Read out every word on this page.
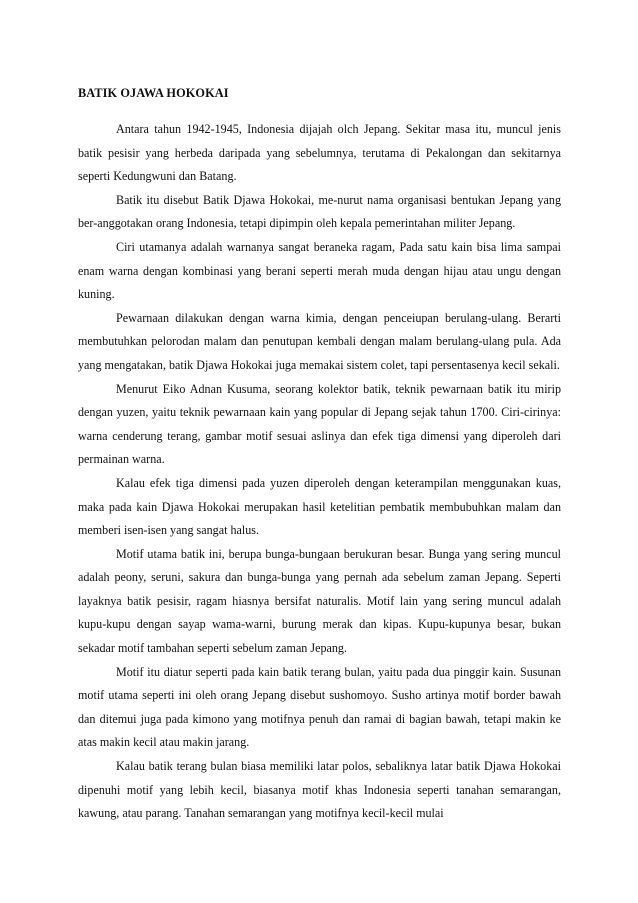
BATIK OJAWA HOKOKAI

Antara tahun 1942-1945, Indonesia dijajah olch Jepang. Sekitar masa itu, muncul jenis batik pesisir yang herbeda daripada yang sebelumnya, terutama di Pekalongan dan sekitarnya seperti Kedungwuni dan Batang.

Batik itu disebut Batik Djawa Hokokai, me-nurut nama organisasi bentukan Jepang yang ber-anggotakan orang Indonesia, tetapi dipimpin oleh kepala pemerintahan militer Jepang.

Ciri utamanya adalah warnanya sangat beraneka ragam, Pada satu kain bisa lima sampai enam warna dengan kombinasi yang berani seperti merah muda dengan hijau atau ungu dengan kuning.

Pewarnaan dilakukan dengan warna kimia, dengan penceiupan berulang-ulang. Berarti membutuhkan pelorodan malam dan penutupan kembali dengan malam berulang-ulang pula. Ada yang mengatakan, batik Djawa Hokokai juga memakai sistem colet, tapi persentasenya kecil sekali.

Menurut Eiko Adnan Kusuma, seorang kolektor batik, teknik pewarnaan batik itu mirip dengan yuzen, yaitu teknik pewarnaan kain yang popular di Jepang sejak tahun 1700. Ciri-cirinya: warna cenderung terang, gambar motif sesuai aslinya dan efek tiga dimensi yang diperoleh dari permainan warna.

Kalau efek tiga dimensi pada yuzen diperoleh dengan keterampilan menggunakan kuas, maka pada kain Djawa Hokokai merupakan hasil ketelitian pembatik membubuhkan malam dan memberi isen-isen yang sangat halus.

Motif utama batik ini, berupa bunga-bungaan berukuran besar. Bunga yang sering muncul adalah peony, seruni, sakura dan bunga-bunga yang pernah ada sebelum zaman Jepang. Seperti layaknya batik pesisir, ragam hiasnya bersifat naturalis. Motif lain yang sering muncul adalah kupu-kupu dengan sayap wama-warni, burung merak dan kipas. Kupu-kupunya besar, bukan sekadar motif tambahan seperti sebelum zaman Jepang.

Motif itu diatur seperti pada kain batik terang bulan, yaitu pada dua pinggir kain. Susunan motif utama seperti ini oleh orang Jepang disebut sushomoyo. Susho artinya motif border bawah dan ditemui juga pada kimono yang motifnya penuh dan ramai di bagian bawah, tetapi makin ke atas makin kecil atau makin jarang.

Kalau batik terang bulan biasa memiliki latar polos, sebaliknya latar batik Djawa Hokokai dipenuhi motif yang lebih kecil, biasanya motif khas Indonesia seperti tanahan semarangan, kawung, atau parang. Tanahan semarangan yang motifnya kecil-kecil mulai
